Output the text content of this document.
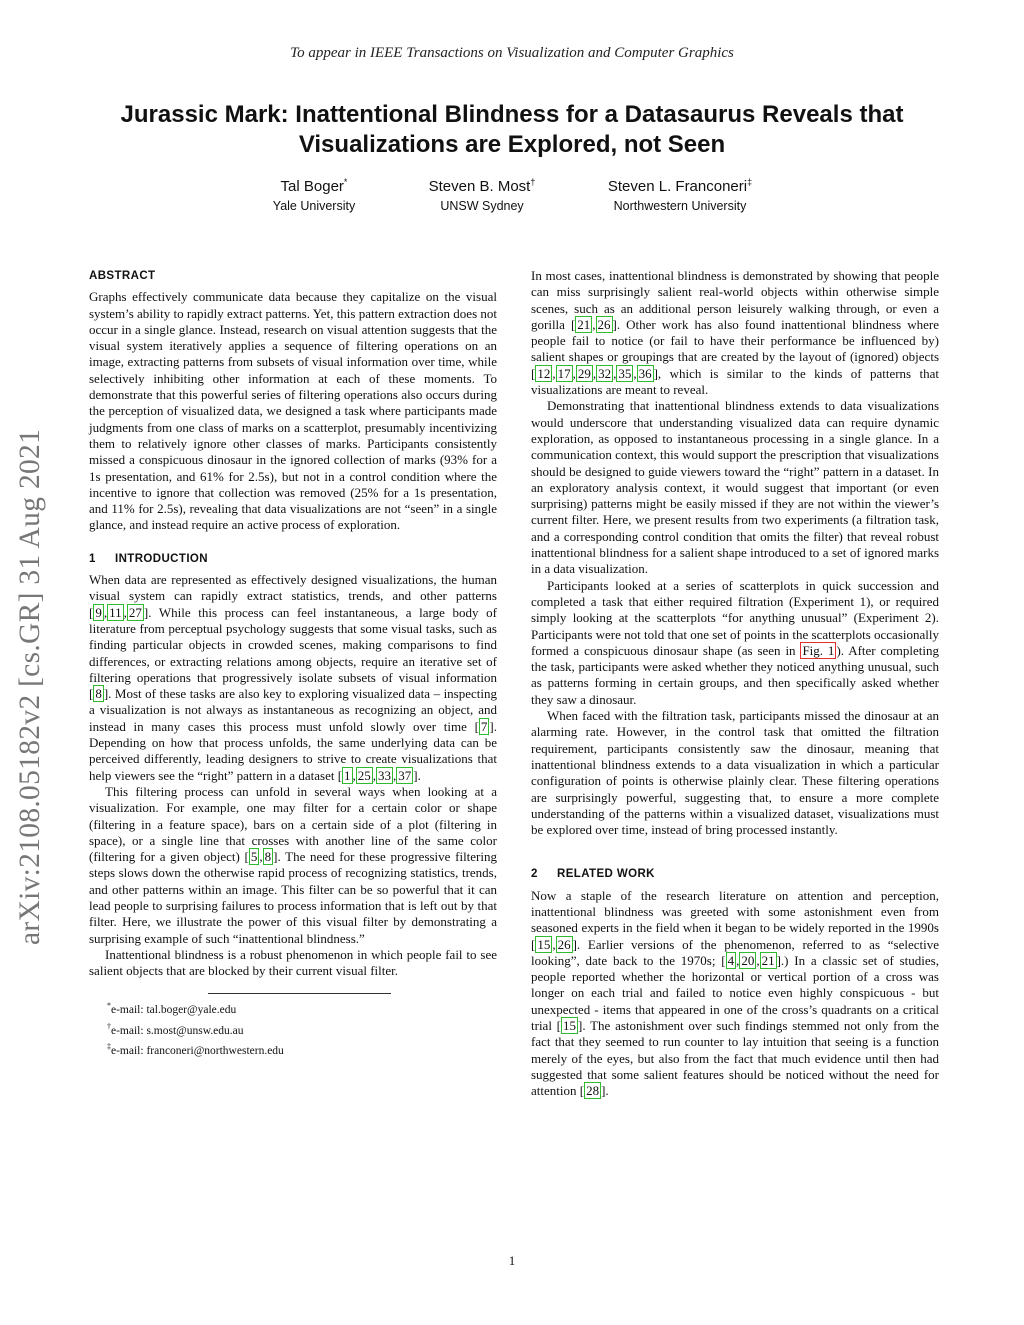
To appear in IEEE Transactions on Visualization and Computer Graphics
Jurassic Mark: Inattentional Blindness for a Datasaurus Reveals that Visualizations are Explored, not Seen
Tal Boger*
Yale University
Steven B. Most†
UNSW Sydney
Steven L. Franconeri‡
Northwestern University
arXiv:2108.05182v2 [cs.GR] 31 Aug 2021
ABSTRACT

Graphs effectively communicate data because they capitalize on the visual system’s ability to rapidly extract patterns. Yet, this pattern extraction does not occur in a single glance. Instead, research on visual attention suggests that the visual system iteratively applies a sequence of filtering operations on an image, extracting patterns from subsets of visual information over time, while selectively inhibiting other information at each of these moments. To demonstrate that this powerful series of filtering operations also occurs during the perception of visualized data, we designed a task where participants made judgments from one class of marks on a scatterplot, presumably incentivizing them to relatively ignore other classes of marks. Participants consistently missed a conspicuous dinosaur in the ignored collection of marks (93% for a 1s presentation, and 61% for 2.5s), but not in a control condition where the incentive to ignore that collection was removed (25% for a 1s presentation, and 11% for 2.5s), revealing that data visualizations are not “seen” in a single glance, and instead require an active process of exploration.

1 INTRODUCTION

When data are represented as effectively designed visualizations, the human visual system can rapidly extract statistics, trends, and other patterns [ 9 , 11 , 27 ]. While this process can feel instantaneous, a large body of literature from perceptual psychology suggests that some visual tasks, such as finding particular objects in crowded scenes, making comparisons to find differences, or extracting relations among objects, require an iterative set of filtering operations that progressively isolate subsets of visual information [ 8 ]. Most of these tasks are also key to exploring visualized data – inspecting a visualization is not always as instantaneous as recognizing an object, and instead in many cases this process must unfold slowly over time [ 7 ]. Depending on how that process unfolds, the same underlying data can be perceived differently, leading designers to strive to create visualizations that help viewers see the “right” pattern in a dataset [ 1 , 25 , 33 , 37 ].

This filtering process can unfold in several ways when looking at a visualization. For example, one may filter for a certain color or shape (filtering in a feature space), bars on a certain side of a plot (filtering in space), or a single line that crosses with another line of the same color (filtering for a given object) [ 5 , 8 ]. The need for these progressive filtering steps slows down the otherwise rapid process of recognizing statistics, trends, and other patterns within an image. This filter can be so powerful that it can lead people to surprising failures to process information that is left out by that filter. Here, we illustrate the power of this visual filter by demonstrating a surprising example of such “inattentional blindness.”

Inattentional blindness is a robust phenomenon in which people fail to see salient objects that are blocked by their current visual filter.

*e-mail: tal.boger@yale.edu
†e-mail: s.most@unsw.edu.au
‡e-mail: franconeri@northwestern.edu

In most cases, inattentional blindness is demonstrated by showing that people can miss surprisingly salient real-world objects within otherwise simple scenes, such as an additional person leisurely walking through, or even a gorilla [ 21 , 26 ]. Other work has also found inattentional blindness where people fail to notice (or fail to have their performance be influenced by) salient shapes or groupings that are created by the layout of (ignored) objects [ 12 , 17 , 29 , 32 , 35 , 36 ], which is similar to the kinds of patterns that visualizations are meant to reveal.

Demonstrating that inattentional blindness extends to data visualizations would underscore that understanding visualized data can require dynamic exploration, as opposed to instantaneous processing in a single glance. In a communication context, this would support the prescription that visualizations should be designed to guide viewers toward the “right” pattern in a dataset. In an exploratory analysis context, it would suggest that important (or even surprising) patterns might be easily missed if they are not within the viewer’s current filter. Here, we present results from two experiments (a filtration task, and a corresponding control condition that omits the filter) that reveal robust inattentional blindness for a salient shape introduced to a set of ignored marks in a data visualization.

Participants looked at a series of scatterplots in quick succession and completed a task that either required filtration (Experiment 1), or required simply looking at the scatterplots “for anything unusual” (Experiment 2). Participants were not told that one set of points in the scatterplots occasionally formed a conspicuous dinosaur shape (as seen in Fig. 1 ). After completing the task, participants were asked whether they noticed anything unusual, such as patterns forming in certain groups, and then specifically asked whether they saw a dinosaur.

When faced with the filtration task, participants missed the dinosaur at an alarming rate. However, in the control task that omitted the filtration requirement, participants consistently saw the dinosaur, meaning that inattentional blindness extends to a data visualization in which a particular configuration of points is otherwise plainly clear. These filtering operations are surprisingly powerful, suggesting that, to ensure a more complete understanding of the patterns within a visualized dataset, visualizations must be explored over time, instead of bring processed instantly.

2 RELATED WORK

Now a staple of the research literature on attention and perception, inattentional blindness was greeted with some astonishment even from seasoned experts in the field when it began to be widely reported in the 1990s [ 15 , 26 ]. Earlier versions of the phenomenon, referred to as “selective looking”, date back to the 1970s; [ 4 , 20 , 21 ].) In a classic set of studies, people reported whether the horizontal or vertical portion of a cross was longer on each trial and failed to notice even highly conspicuous - but unexpected - items that appeared in one of the cross’s quadrants on a critical trial [ 15 ]. The astonishment over such findings stemmed not only from the fact that they seemed to run counter to lay intuition that seeing is a function merely of the eyes, but also from the fact that much evidence until then had suggested that some salient features should be noticed without the need for attention [ 28 ].

1
